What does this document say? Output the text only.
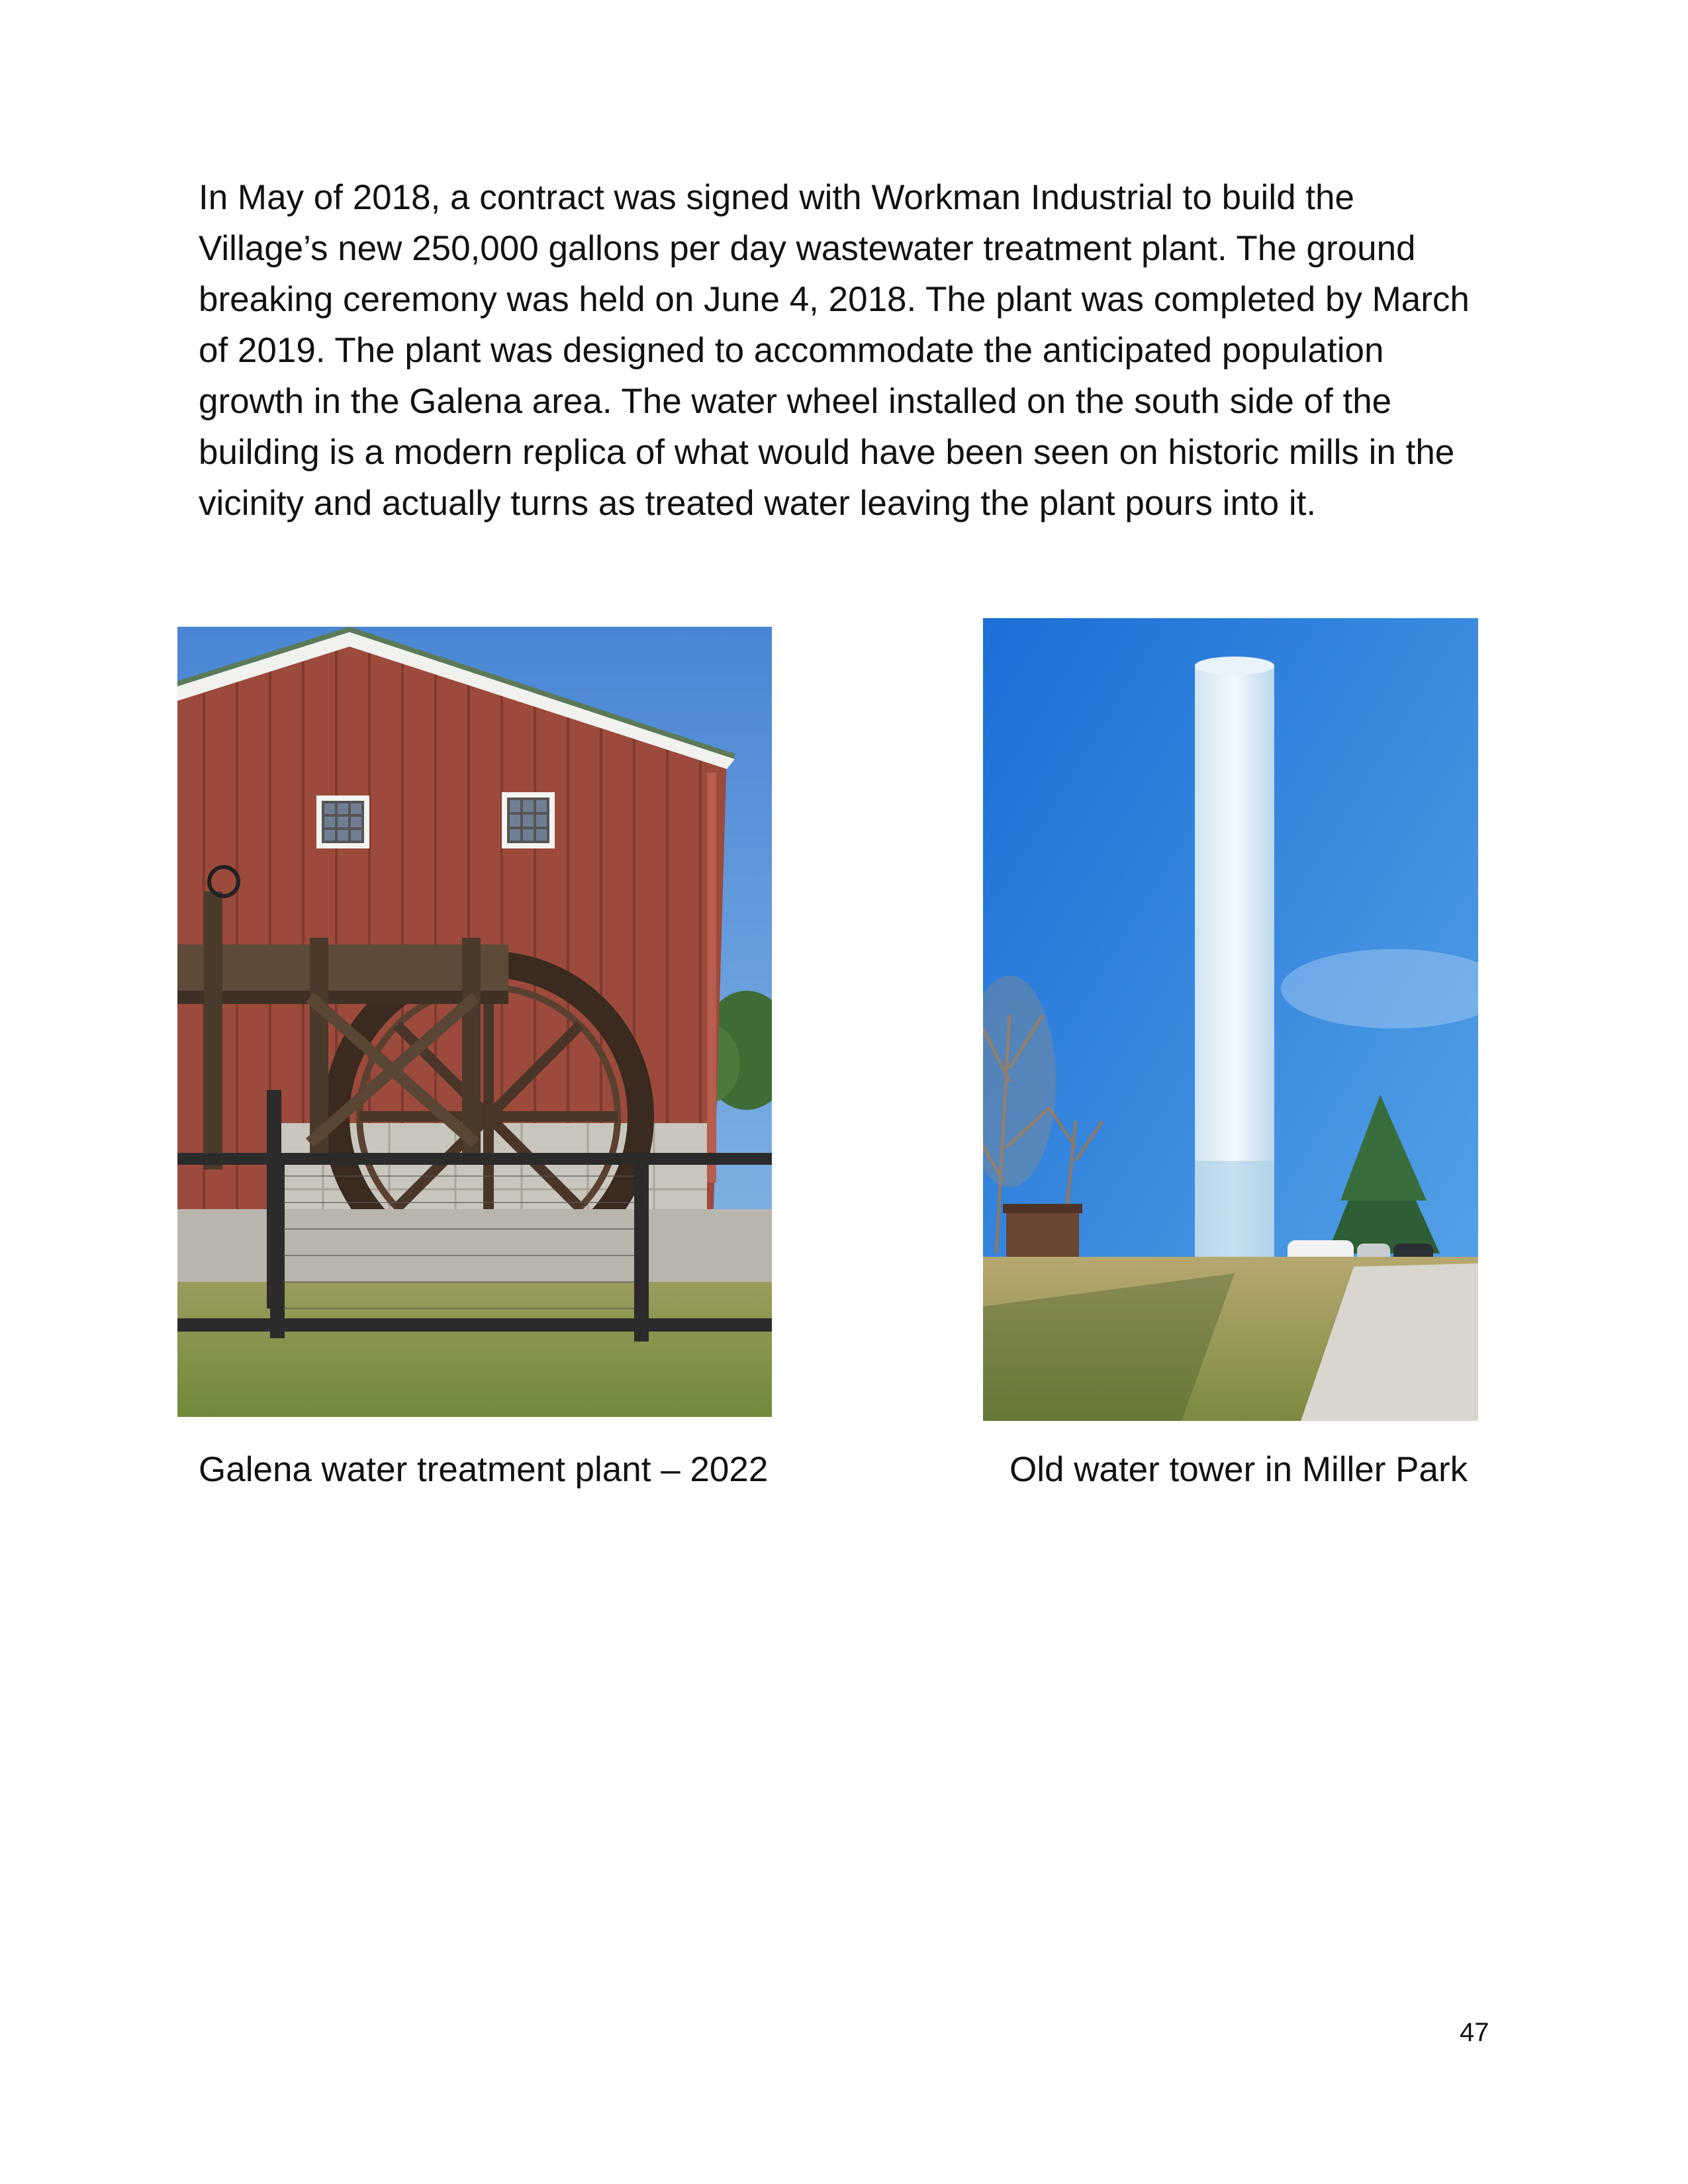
In May of 2018, a contract was signed with Workman Industrial to build the
Village’s new 250,000 gallons per day wastewater treatment plant. The ground
breaking ceremony was held on June 4, 2018. The plant was completed by March
of 2019. The plant was designed to accommodate the anticipated population
growth in the Galena area. The water wheel installed on the south side of the
building is a modern replica of what would have been seen on historic mills in the
vicinity and actually turns as treated water leaving the plant pours into it.

Galena water treatment plant – 2022	Old water tower in Miller Park

47
